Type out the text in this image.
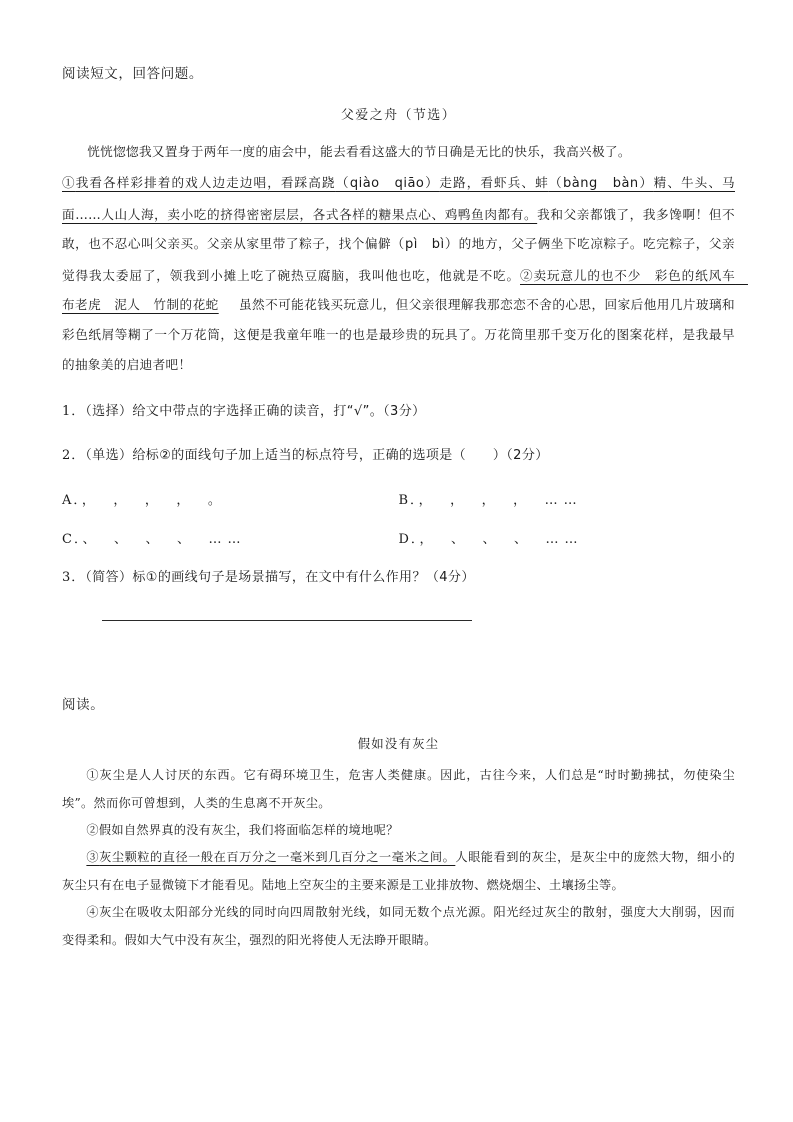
阅读短文，回答问题。

父爱之舟（节选）

恍恍惚惚我又置身于两年一度的庙会中，能去看看这盛大的节日确是无比的快乐，我高兴极了。

①我看各样彩排着的戏人边走边唱，看踩高跷（qiào　qiāo）走路，看虾兵、蚌（bàng　bàn）精、牛头、马面……人山人海，卖小吃的挤得密密层层，各式各样的糖果点心、鸡鸭鱼肉都有。我和父亲都饿了，我多馋啊！但不敢，也不忍心叫父亲买。父亲从家里带了粽子，找个偏僻（pì　bì）的地方，父子俩坐下吃凉粽子。吃完粽子，父亲觉得我太委屈了，领我到小摊上吃了碗热豆腐脑，我叫他也吃，他就是不吃。②卖玩意儿的也不少　彩色的纸风车　布老虎　泥人　竹制的花蛇 虽然不可能花钱买玩意儿，但父亲很理解我那恋恋不舍的心思，回家后他用几片玻璃和彩色纸屑等糊了一个万花筒，这便是我童年唯一的也是最珍贵的玩具了。万花筒里那千变万化的图案花样，是我最早的抽象美的启迪者吧！

1．（选择）给文中带点的字选择正确的读音，打“√”。（3分）

2．（单选）给标②的面线句子加上适当的标点符号，正确的选项是（　　）（2分）

A．，　，　，　，　。	B．，　，　，　，　……
C．、　、　、　、　……	D．，　、　、　、　……

3．（简答）标①的画线句子是场景描写，在文中有什么作用？（4分）

阅读。

假如没有灰尘

①灰尘是人人讨厌的东西。它有碍环境卫生，危害人类健康。因此，古往今来，人们总是“时时勤拂拭，勿使染尘埃”。然而你可曾想到，人类的生息离不开灰尘。

②假如自然界真的没有灰尘，我们将面临怎样的境地呢？

③灰尘颗粒的直径一般在百万分之一毫米到几百分之一毫米之间。人眼能看到的灰尘，是灰尘中的庞然大物，细小的灰尘只有在电子显微镜下才能看见。陆地上空灰尘的主要来源是工业排放物、燃烧烟尘、土壤扬尘等。

④灰尘在吸收太阳部分光线的同时向四周散射光线，如同无数个点光源。阳光经过灰尘的散射，强度大大削弱，因而变得柔和。假如大气中没有灰尘，强烈的阳光将使人无法睁开眼睛。
